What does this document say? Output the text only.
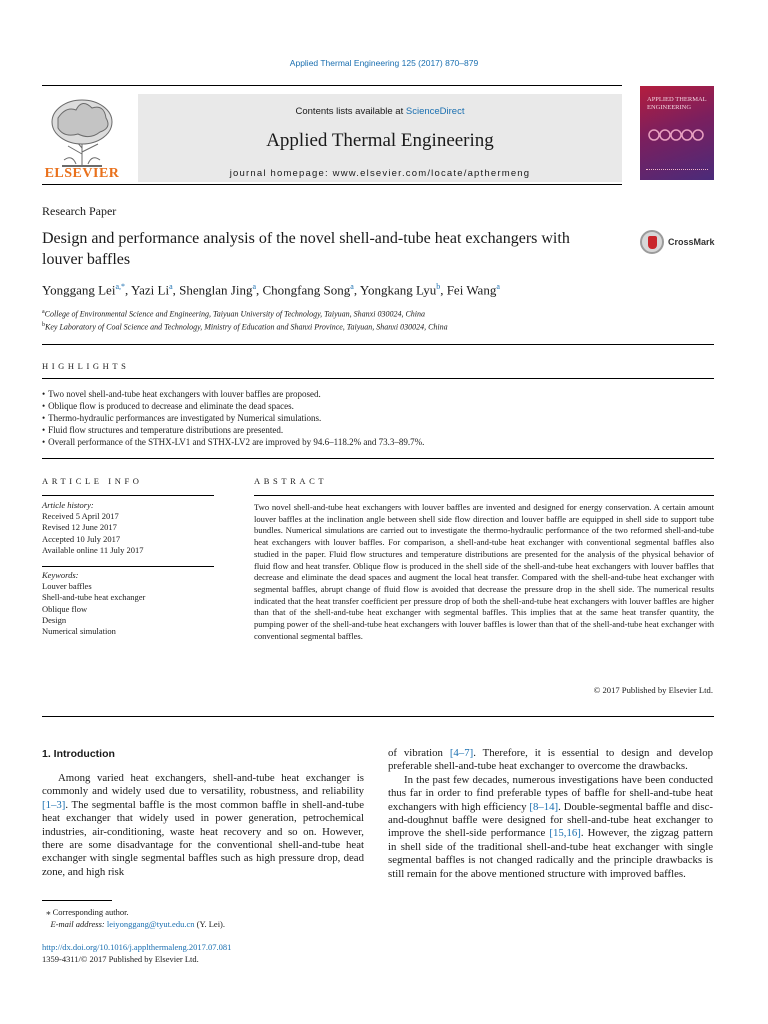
Applied Thermal Engineering 125 (2017) 870–879
ELSEVIER
Contents lists available at ScienceDirect
Applied Thermal Engineering
journal homepage: www.elsevier.com/locate/apthermeng
APPLIED THERMAL ENGINEERING
Research Paper
Design and performance analysis of the novel shell-and-tube heat exchangers with louver baffles
CrossMark
Yonggang Lei$^{a,*}$, Yazi Li$^a$, Shenglan Jing$^a$, Chongfang Song$^a$, Yongkang Lyu$^b$, Fei Wang$^a$
$^a$College of Environmental Science and Engineering, Taiyuan University of Technology, Taiyuan, Shanxi 030024, China
$^b$Key Laboratory of Coal Science and Technology, Ministry of Education and Shanxi Province, Taiyuan, Shanxi 030024, China
HIGHLIGHTS
• Two novel shell-and-tube heat exchangers with louver baffles are proposed.
• Oblique flow is produced to decrease and eliminate the dead spaces.
• Thermo-hydraulic performances are investigated by Numerical simulations.
• Fluid flow structures and temperature distributions are presented.
• Overall performance of the STHX-LV1 and STHX-LV2 are improved by 94.6–118.2% and 73.3–89.7%.
ARTICLE INFO
Article history:
Received 5 April 2017
Revised 12 June 2017
Accepted 10 July 2017
Available online 11 July 2017
Keywords:
Louver baffles
Shell-and-tube heat exchanger
Oblique flow
Design
Numerical simulation
ABSTRACT
Two novel shell-and-tube heat exchangers with louver baffles are invented and designed for energy conservation. A certain amount louver baffles at the inclination angle between shell side flow direction and louver baffle are equipped in shell side to support tube bundles. Numerical simulations are carried out to investigate the thermo-hydraulic performance of the two reformed shell-and-tube heat exchangers with louver baffles. For comparison, a shell-and-tube heat exchanger with conventional segmental baffles also studied in the paper. Fluid flow structures and temperature distributions are presented for the analysis of the physical behavior of fluid flow and heat transfer. Oblique flow is produced in the shell side of the shell-and-tube heat exchangers with louver baffles that decrease and eliminate the dead spaces and augment the local heat transfer. Compared with the shell-and-tube heat exchanger with segmental baffles, abrupt change of fluid flow is avoided that decrease the pressure drop in the shell side. The numerical results indicated that the heat transfer coefficient per pressure drop of both the shell-and-tube heat exchangers with louver baffles are higher than that of the shell-and-tube heat exchanger with segmental baffles. This implies that at the same heat transfer quantity, the pumping power of the shell-and-tube heat exchangers with louver baffles is lower than that of the shell-and-tube heat exchanger with conventional segmental baffles.
© 2017 Published by Elsevier Ltd.
1. Introduction

Among varied heat exchangers, shell-and-tube heat exchanger is commonly and widely used due to versatility, robustness, and reliability [1–3]. The segmental baffle is the most common baffle in shell-and-tube heat exchanger that widely used in power generation, petrochemical industries, air-conditioning, waste heat recovery and so on. However, there are some disadvantage for the conventional shell-and-tube heat exchanger with single segmental baffles such as high pressure drop, dead zone, and high risk

of vibration [4–7]. Therefore, it is essential to design and develop preferable shell-and-tube heat exchanger to overcome the drawbacks.

In the past few decades, numerous investigations have been conducted thus far in order to find preferable types of baffle for shell-and-tube heat exchangers with high efficiency [8–14]. Double-segmental baffle and disc-and-doughnut baffle were designed for shell-and-tube heat exchanger to improve the shell-side performance [15,16]. However, the zigzag pattern in shell side of the traditional shell-and-tube heat exchanger with single segmental baffles is not changed radically and the principle drawbacks is still remain for the above mentioned structure with improved baffles.

⁎ Corresponding author.
E-mail address: leiyonggang@tyut.edu.cn (Y. Lei).
http://dx.doi.org/10.1016/j.applthermaleng.2017.07.081
1359-4311/© 2017 Published by Elsevier Ltd.
